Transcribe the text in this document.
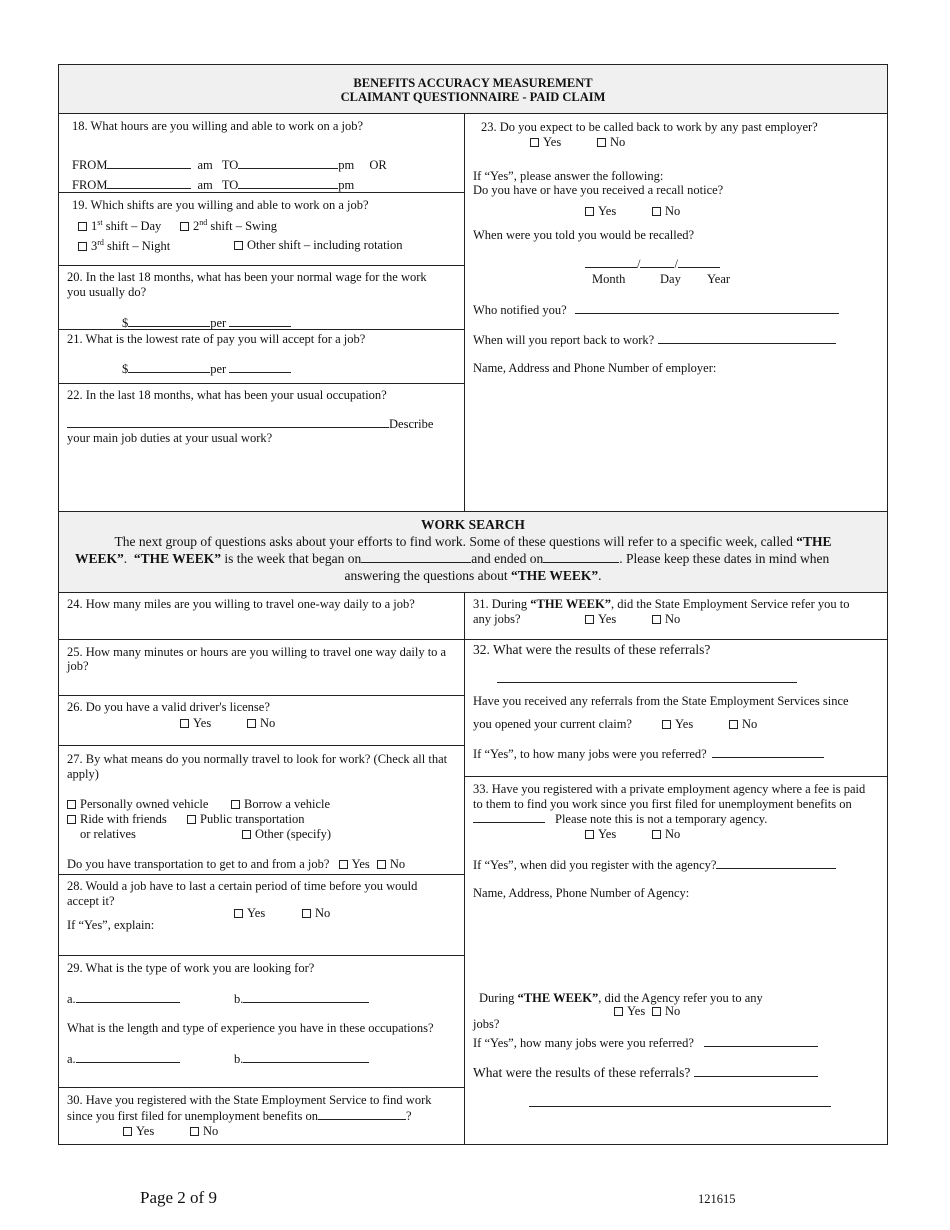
BENEFITS ACCURACY MEASUREMENT
CLAIMANT QUESTIONNAIRE - PAID CLAIM
18. What hours are you willing and able to work on a job?
FROM	am TO	pm OR
FROM	am TO	pm
19. Which shifts are you willing and able to work on a job?
1st shift – Day	2nd shift – Swing
3rd shift – Night	Other shift – including rotation
20. In the last 18 months, what has been your normal wage for the work
you usually do?
$	per
21. What is the lowest rate of pay you will accept for a job?
$	per
22. In the last 18 months, what has been your usual occupation?
Describe
your main job duties at your usual work?
23. Do you expect to be called back to work by any past employer?
Yes	No
If “Yes”, please answer the following:
Do you have or have you received a recall notice?
Yes	No
When were you told you would be recalled?
/	/
Month	Day Year
Who notified you?
When will you report back to work?
Name, Address and Phone Number of employer:
WORK SEARCH
The next group of questions asks about your efforts to find work. Some of these questions will refer to a specific week, called “THE
WEEK”. “THE WEEK” is the week that began on	and ended on	. Please keep these dates in mind when
answering the questions about “THE WEEK”.
24. How many miles are you willing to travel one-way daily to a job?
25. How many minutes or hours are you willing to travel one way daily to a
job?
26. Do you have a valid driver's license?
Yes	No
27. By what means do you normally travel to look for work? (Check all that
apply)
Personally owned vehicle	Borrow a vehicle
Ride with friends	Public transportation
or relatives	Other (specify)
Do you have transportation to get to and from a job? Yes No
28. Would a job have to last a certain period of time before you would
accept it?
Yes	No
If “Yes”, explain:
29. What is the type of work you are looking for?
a.	b.
What is the length and type of experience you have in these occupations?
a.	b.
30. Have you registered with the State Employment Service to find work
since you first filed for unemployment benefits on	?
Yes	No
31. During “THE WEEK”, did the State Employment Service refer you to
any jobs?	Yes	No
32. What were the results of these referrals?
Have you received any referrals from the State Employment Services since
you opened your current claim?	Yes	No
If “Yes”, to how many jobs were you referred?
33. Have you registered with a private employment agency where a fee is paid
to them to find you work since you first filed for unemployment benefits on
Please note this is not a temporary agency.
Yes	No
If “Yes”, when did you register with the agency?
Name, Address, Phone Number of Agency:
During “THE WEEK”, did the Agency refer you to any
Yes	No
jobs?
If “Yes”, how many jobs were you referred?
What were the results of these referrals?
Page 2 of 9	121615
